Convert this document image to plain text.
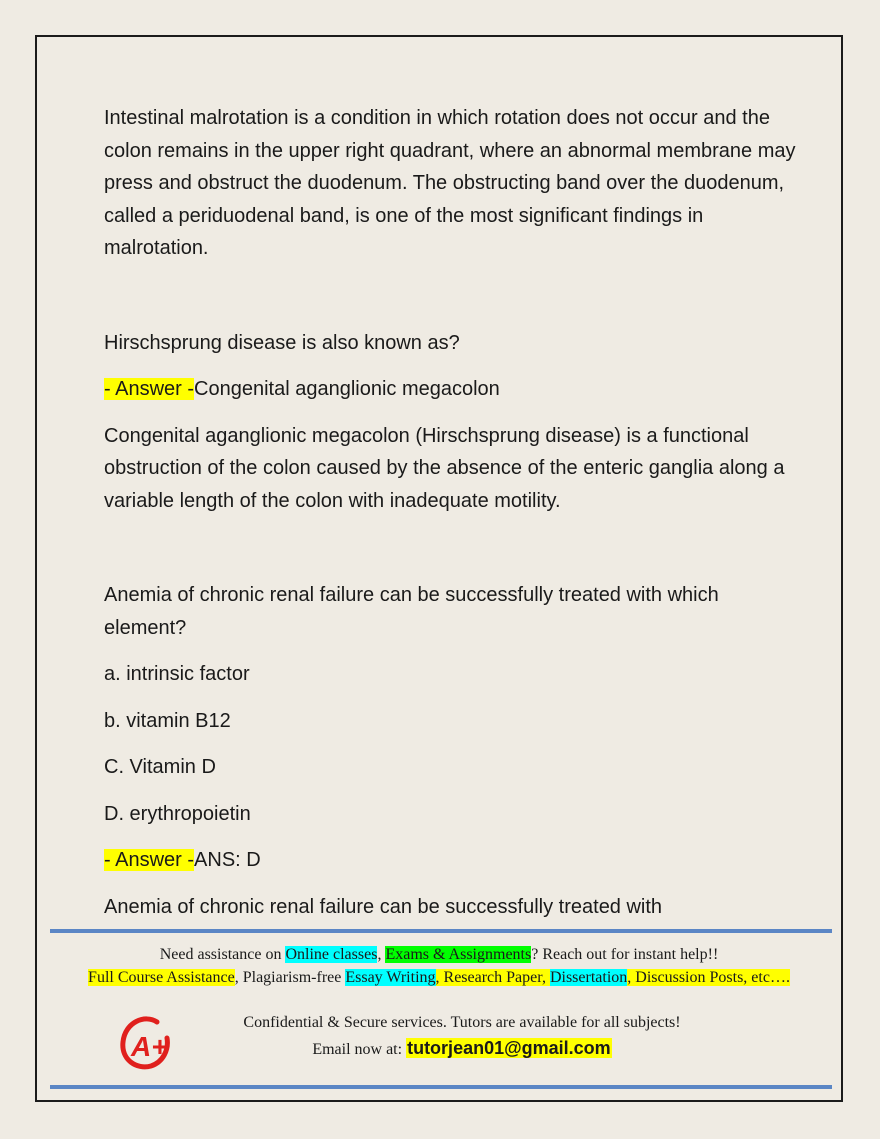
Intestinal malrotation is a condition in which rotation does not occur and the colon remains in the upper right quadrant, where an abnormal membrane may press and obstruct the duodenum. The obstructing band over the duodenum, called a periduodenal band, is one of the most significant findings in malrotation.

Hirschsprung disease is also known as?

- Answer -Congenital aganglionic megacolon

Congenital aganglionic megacolon (Hirschsprung disease) is a functional obstruction of the colon caused by the absence of the enteric ganglia along a variable length of the colon with inadequate motility.

Anemia of chronic renal failure can be successfully treated with which element?

a. intrinsic factor

b. vitamin B12

C. Vitamin D

D. erythropoietin

- Answer -ANS: D

Anemia of chronic renal failure can be successfully treated with

Need assistance on Online classes, Exams & Assignments? Reach out for instant help!!
Full Course Assistance, Plagiarism-free Essay Writing, Research Paper, Dissertation, Discussion Posts, etc….
A+
Confidential & Secure services. Tutors are available for all subjects!
Email now at: tutorjean01@gmail.com
